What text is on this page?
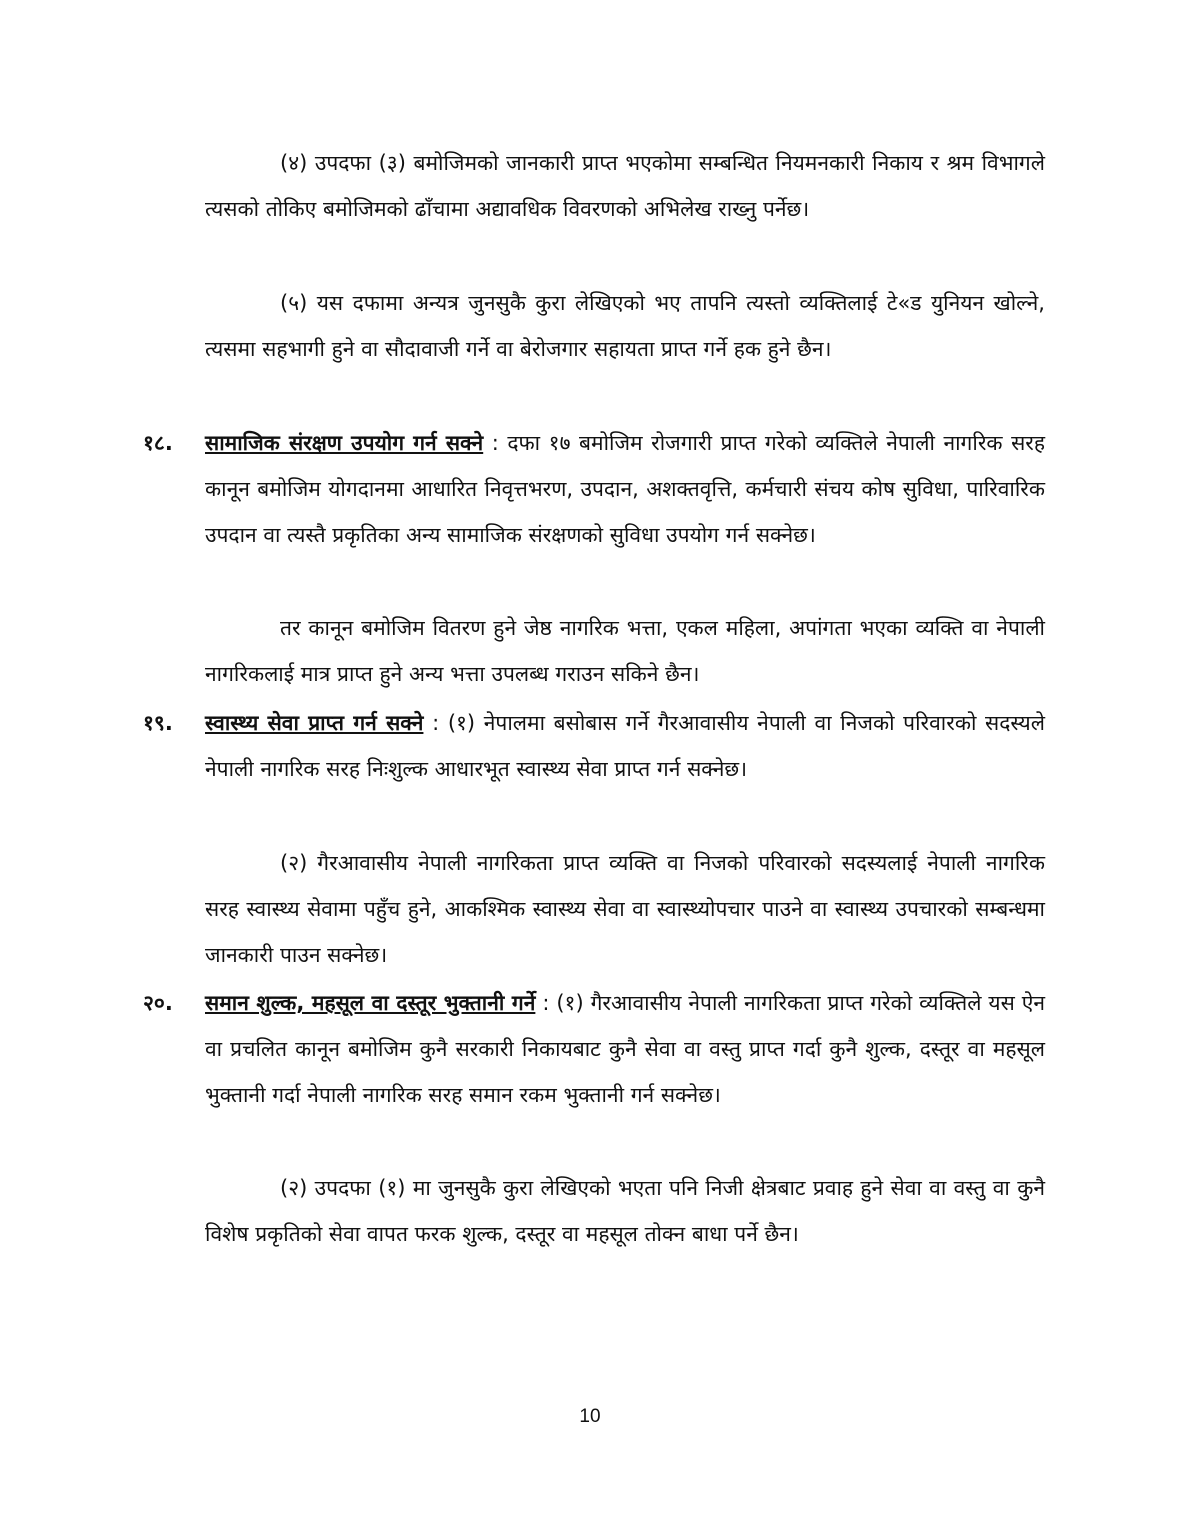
(४) उपदफा (३) बमोजिमको जानकारी प्राप्त भएकोमा सम्बन्धित नियमनकारी निकाय र श्रम विभागले त्यसको तोकिए बमोजिमको ढाँचामा अद्यावधिक विवरणको अभिलेख राख्नु पर्नेछ।

(५) यस दफामा अन्यत्र जुनसुकै कुरा लेखिएको भए तापनि त्यस्तो व्यक्तिलाई टे«ड युनियन खोल्ने, त्यसमा सहभागी हुने वा सौदावाजी गर्ने वा बेरोजगार सहायता प्राप्त गर्ने हक हुने छैन।

१८.	सामाजिक संरक्षण उपयोग गर्न सक्ने : दफा १७ बमोजिम रोजगारी प्राप्त गरेको व्यक्तिले नेपाली नागरिक सरह कानून बमोजिम योगदानमा आधारित निवृत्तभरण, उपदान, अशक्तवृत्ति, कर्मचारी संचय कोष सुविधा, पारिवारिक उपदान वा त्यस्तै प्रकृतिका अन्य सामाजिक संरक्षणको सुविधा उपयोग गर्न सक्नेछ।

तर कानून बमोजिम वितरण हुने जेष्ठ नागरिक भत्ता, एकल महिला, अपांगता भएका व्यक्ति वा नेपाली नागरिकलाई मात्र प्राप्त हुने अन्य भत्ता उपलब्ध गराउन सकिने छैन।

१९.	स्वास्थ्य सेवा प्राप्त गर्न सक्ने : (१) नेपालमा बसोबास गर्ने गैरआवासीय नेपाली वा निजको परिवारको सदस्यले नेपाली नागरिक सरह निःशुल्क आधारभूत स्वास्थ्य सेवा प्राप्त गर्न सक्नेछ।

(२) गैरआवासीय नेपाली नागरिकता प्राप्त व्यक्ति वा निजको परिवारको सदस्यलाई नेपाली नागरिक सरह स्वास्थ्य सेवामा पहुँच हुने, आकश्मिक स्वास्थ्य सेवा वा स्वास्थ्योपचार पाउने वा स्वास्थ्य उपचारको सम्बन्धमा जानकारी पाउन सक्नेछ।

२०.	समान शुल्क, महसूल वा दस्तूर भुक्तानी गर्ने : (१) गैरआवासीय नेपाली नागरिकता प्राप्त गरेको व्यक्तिले यस ऐन वा प्रचलित कानून बमोजिम कुनै सरकारी निकायबाट कुनै सेवा वा वस्तु प्राप्त गर्दा कुनै शुल्क, दस्तूर वा महसूल भुक्तानी गर्दा नेपाली नागरिक सरह समान रकम भुक्तानी गर्न सक्नेछ।

(२) उपदफा (१) मा जुनसुकै कुरा लेखिएको भएता पनि निजी क्षेत्रबाट प्रवाह हुने सेवा वा वस्तु वा कुनै विशेष प्रकृतिको सेवा वापत फरक शुल्क, दस्तूर वा महसूल तोक्न बाधा पर्ने छैन।

10
